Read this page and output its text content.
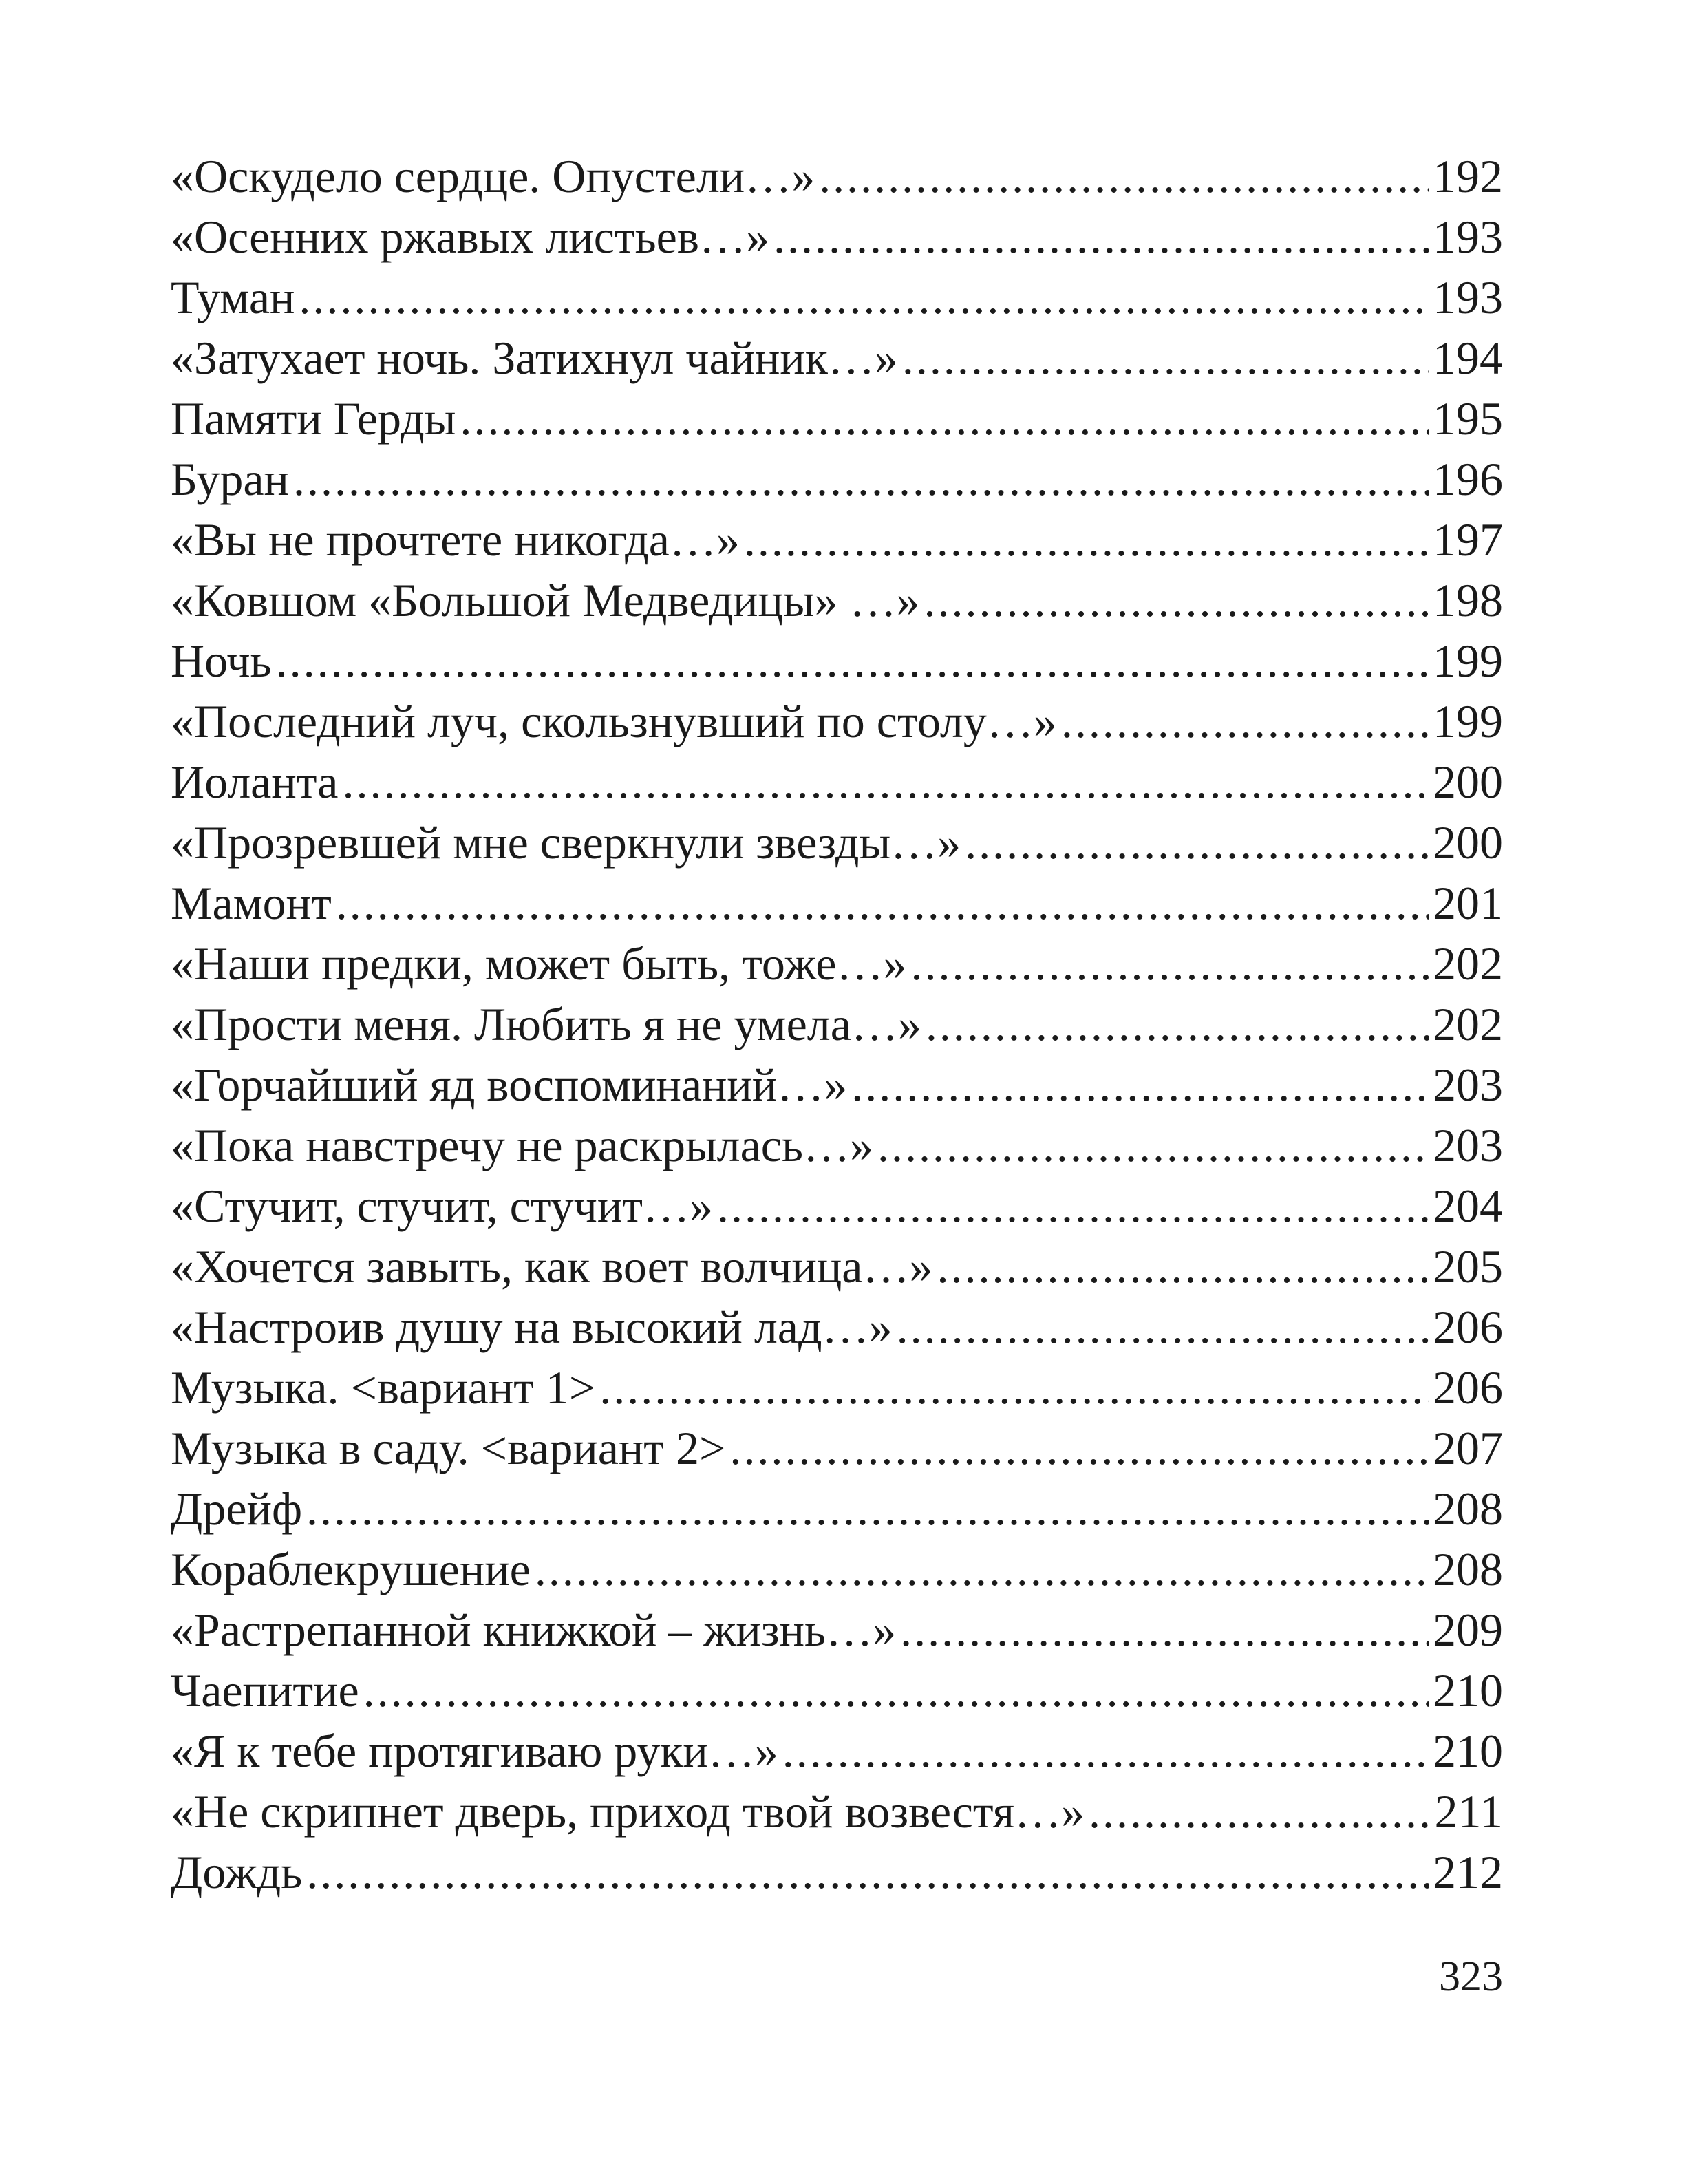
«Оскудело сердце. Опустели…» .....	192
«Осенних ржавых листьев…» .....	193
Туман .....	193
«Затухает ночь. Затихнул чайник…» .....	194
Памяти Герды .....	195
Буран .....	196
«Вы не прочтете никогда…» .....	197
«Ковшом «Большой Медведицы» …» .....	198
Ночь .....	199
«Последний луч, скользнувший по столу…» .....	199
Иоланта .....	200
«Прозревшей мне сверкнули звезды…» .....	200
Мамонт .....	201
«Наши предки, может быть, тоже…» .....	202
«Прости меня. Любить я не умела…» .....	202
«Горчайший яд воспоминаний…» .....	203
«Пока навстречу не раскрылась…» .....	203
«Стучит, стучит, стучит…» .....	204
«Хочется завыть, как воет волчица…» .....	205
«Настроив душу на высокий лад…» .....	206
Музыка. <вариант 1> .....	206
Музыка в саду. <вариант 2> .....	207
Дрейф .....	208
Кораблекрушение .....	208
«Растрепанной книжкой – жизнь…» .....	209
Чаепитие .....	210
«Я к тебе протягиваю руки…» .....	210
«Не скрипнет дверь, приход твой возвестя…» .....	211
Дождь .....	212

323
